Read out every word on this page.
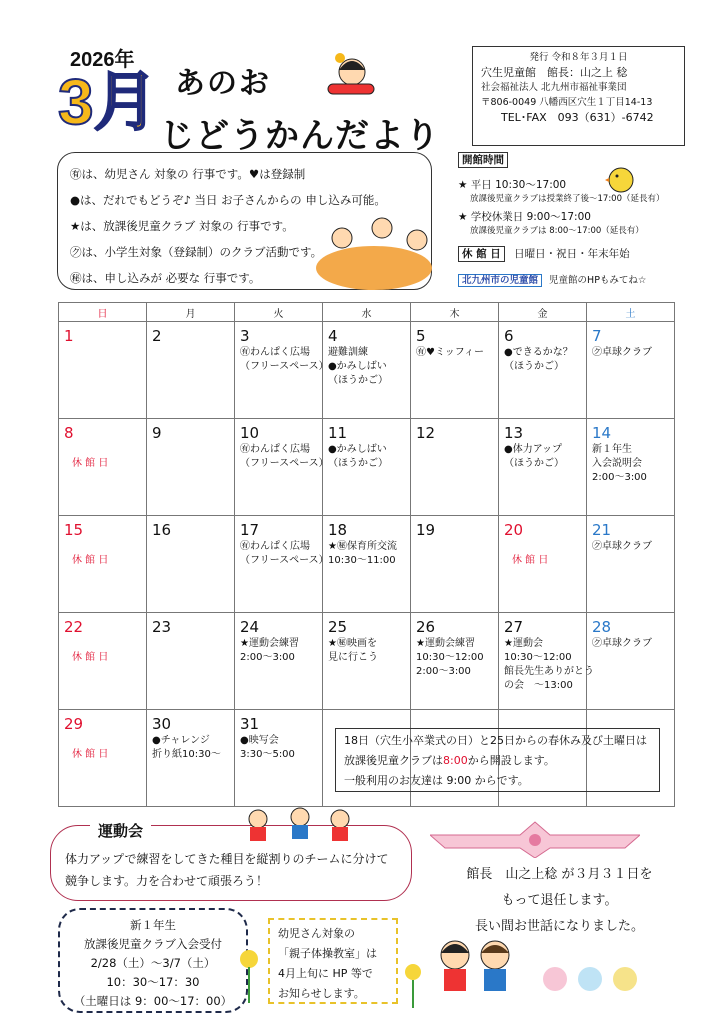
2026年
3月 あのお
じどうかんだより
発行 令和８年３月１日
穴生児童館　館長：山之上 稔
社会福祉法人 北九州市福祉事業団
〒806-0049 八幡西区穴生１丁目14-13
TEL･FAX　093（631）-6742
㊒は、幼児さん 対象の 行事です。♥は登録制
●は、だれでもどうぞ♪ 当日 お子さんからの 申し込み可能。
★は、放課後児童クラブ 対象の 行事です。
㋗は、小学生対象（登録制）のクラブ活動です。
㊙は、申し込みが 必要な 行事です。
開館時間
★ 平日 10:30～17:00
放課後児童クラブは授業終了後～17:00（延長有）
★ 学校休業日 9:00～17:00
放課後児童クラブは 8:00～17:00（延長有）
休 館 日 日曜日・祝日・年末年始
北九州市の児童館 児童館のHPもみてね☆
日	月	火	水	木	金	土

1	2	3
㊒わんぱく広場
（フリースペース）	4
避難訓練
●かみしばい
（ほうかご）	5
㊒♥ミッフィー	6
●できるかな？
（ほうかご）	7
㋗卓球クラブ

8
休 館 日	9	10
㊒わんぱく広場
（フリースペース）	11
●かみしばい
（ほうかご）	12	13
●体力アップ
（ほうかご）	14
新１年生
入会説明会
2:00～3:00

15
休 館 日	16	17
㊒わんぱく広場
（フリースペース）	18
★㊙保育所交流
10:30～11:00	19	20
休 館 日	21
㋗卓球クラブ

22
休 館 日	23	24
★運動会練習
2:00～3:00	25
★㊙映画を
見に行こう	26
★運動会練習
10:30～12:00
2:00～3:00	27
★運動会
10:30～12:00
館長先生ありがとう
の会　～13:00	28
㋗卓球クラブ

29
休 館 日	30
●チャレンジ
折り紙10:30～	31
●映写会
3:30～5:00				

18日（穴生小卒業式の日）と25日からの春休み及び土曜日は
放課後児童クラブは8:00から開設します。
一般利用のお友達は 9:00 からです。
体力アップで練習をしてきた種目を縦割りのチームに分けて
競争します。力を合わせて頑張ろう！
運動会
新１年生
放課後児童クラブ入会受付
2/28（土）～3/7（土）
10：30～17：30
（土曜日は 9：00～17：00）
幼児さん対象の
「親子体操教室」は
4月上旬に HP 等で
お知らせします。
館長　山之上稔 が３月３１日を
もって退任します。
長い間お世話になりました。
